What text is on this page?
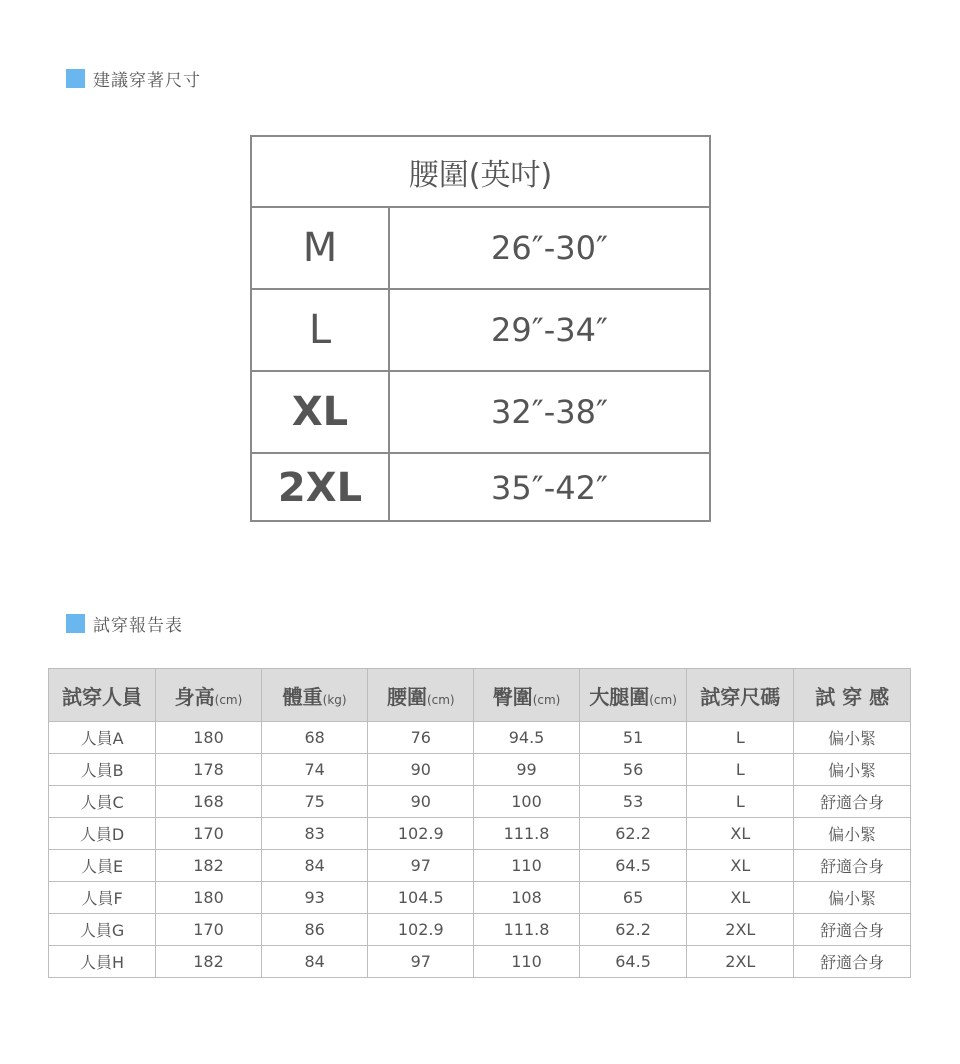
建議穿著尺寸
腰圍(英吋)
M	26″-30″
L	29″-34″
XL	32″-38″
2XL	35″-42″
試穿報告表
試穿人員	身高(cm)	體重(kg)	腰圍(cm)	臀圍(cm)	大腿圍(cm)	試穿尺碼	試 穿 感
人員A	180	68	76	94.5	51	L	偏小緊
人員B	178	74	90	99	56	L	偏小緊
人員C	168	75	90	100	53	L	舒適合身
人員D	170	83	102.9	111.8	62.2	XL	偏小緊
人員E	182	84	97	110	64.5	XL	舒適合身
人員F	180	93	104.5	108	65	XL	偏小緊
人員G	170	86	102.9	111.8	62.2	2XL	舒適合身
人員H	182	84	97	110	64.5	2XL	舒適合身
